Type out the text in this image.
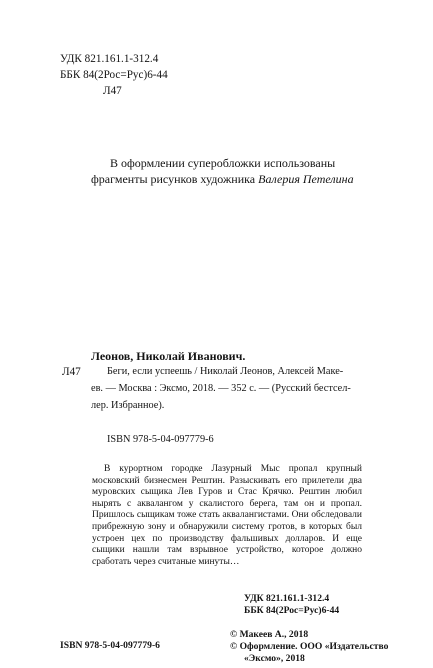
УДК 821.161.1-312.4
ББК 84(2Рос=Рус)6-44
Л47
В оформлении суперобложки использованы
фрагменты рисунков художника Валерия Петелина
Леонов, Николай Иванович.
Л47	Беги, если успеешь / Николай Леонов, Алексей Маке-
ев. — Москва : Эксмо, 2018. — 352 с. — (Русский бестсел-
лер. Избранное).
ISBN 978-5-04-097779-6

В курортном городке Лазурный Мыс пропал крупный московский бизнесмен Рештин. Разыскивать его прилетели два муровских сыщика Лев Гуров и Стас Крячко. Рештин любил нырять с аквалангом у скалистого берега, там он и пропал. Пришлось сыщикам тоже стать аквалангистами. Они обследовали прибрежную зону и обнаружили систему гротов, в которых был устроен цех по производству фальшивых долларов. И еще сыщики нашли там взрывное устройство, которое должно сработать через считаные минуты…

УДК 821.161.1-312.4
ББК 84(2Рос=Рус)6-44
ISBN 978-5-04-097779-6
© Макеев А., 2018
© Оформление. ООО «Издательство
«Эксмо», 2018
